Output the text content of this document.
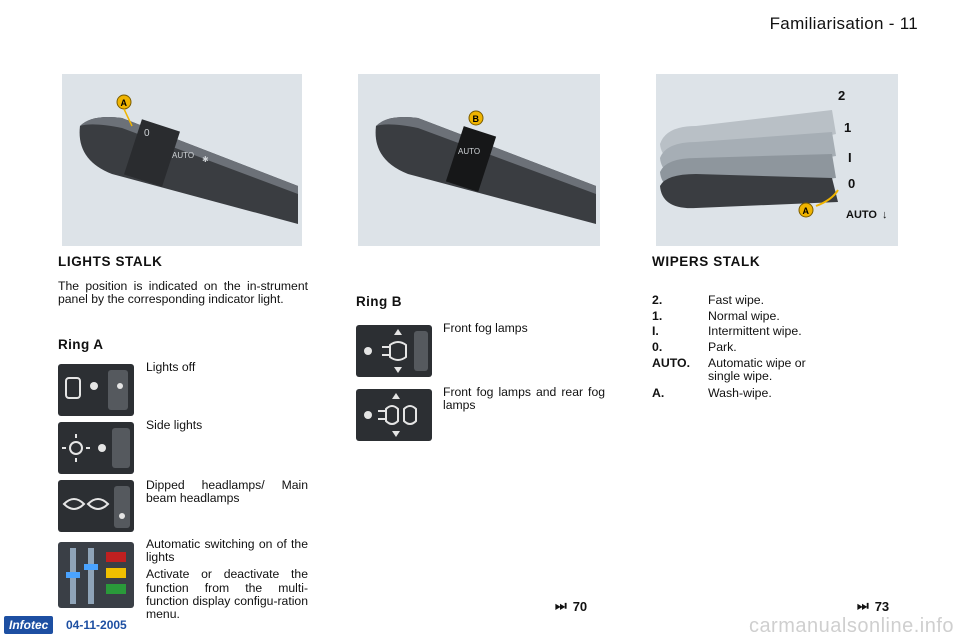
Familiarisation - 11
0
AUTO ✱
A
AUTO
B
2
1
I
0
AUTO ↓
A
LIGHTS STALK
The position is indicated on the in-strument panel by the corresponding indicator light.
Ring A
Lights off
Side lights
Dipped headlamps/ Main beam headlamps
Automatic switching on of the lights
Activate or deactivate the function from the multi-function display configu-ration menu.
Ring B
Front fog lamps
Front fog lamps and rear fog lamps
⏭ 70
WIPERS STALK
2.	Fast wipe.
1.	Normal wipe.
I.	Intermittent wipe.
0.	Park.
AUTO.	Automatic wipe or single wipe.
A.	Wash-wipe.
⏭ 73
Infotec	04-11-2005	carmanualsonline.info
